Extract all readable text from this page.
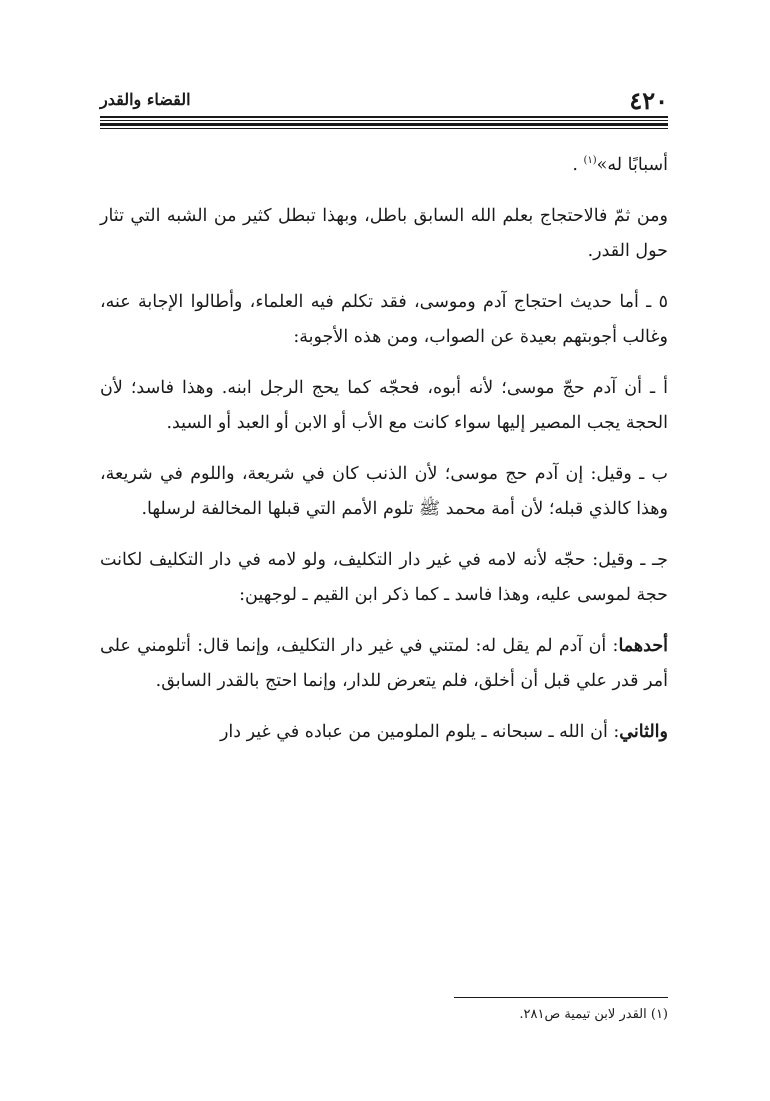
٤٢٠
القضاء والقدر

أسبابًا له»$^{(١)}$ .

ومن ثمّ فالاحتجاج بعلم الله السابق باطل، وبهذا تبطل كثير من الشبه التي تثار حول القدر.

٥ ـ أما حديث احتجاج آدم وموسى، فقد تكلم فيه العلماء، وأطالوا الإجابة عنه، وغالب أجوبتهم بعيدة عن الصواب، ومن هذه الأجوبة:

أ ـ أن آدم حجّ موسى؛ لأنه أبوه، فحجّه كما يحج الرجل ابنه. وهذا فاسد؛ لأن الحجة يجب المصير إليها سواء كانت مع الأب أو الابن أو العبد أو السيد.

ب ـ وقيل: إن آدم حج موسى؛ لأن الذنب كان في شريعة، واللوم في شريعة، وهذا كالذي قبله؛ لأن أمة محمد ﷺ تلوم الأمم التي قبلها المخالفة لرسلها.

جـ ـ وقيل: حجّه لأنه لامه في غير دار التكليف، ولو لامه في دار التكليف لكانت حجة لموسى عليه، وهذا فاسد ـ كما ذكر ابن القيم ـ لوجهين:

أحدهما: أن آدم لم يقل له: لمتني في غير دار التكليف، وإنما قال: أتلومني على أمر قدر علي قبل أن أخلق، فلم يتعرض للدار، وإنما احتج بالقدر السابق.

والثاني: أن الله ـ سبحانه ـ يلوم الملومين من عباده في غير دار

(١) القدر لابن تيمية ص٢٨١.
